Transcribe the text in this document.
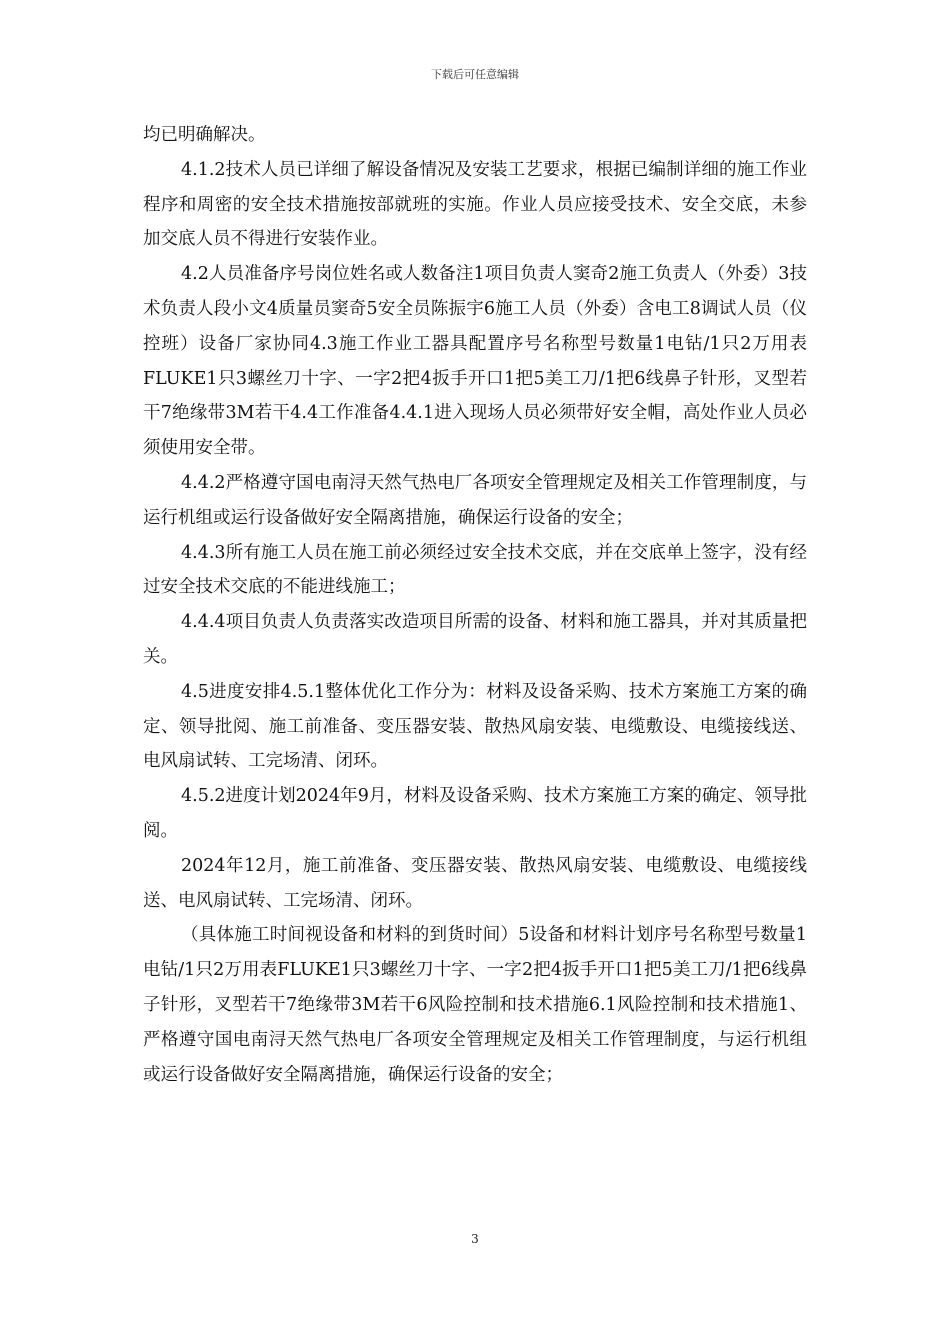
下载后可任意编辑

均已明确解决。

4.1.2技术人员已详细了解设备情况及安装工艺要求，根据已编制详细的施工作业程序和周密的安全技术措施按部就班的实施。作业人员应接受技术、安全交底，未参加交底人员不得进行安装作业。

4.2人员准备序号岗位姓名或人数备注1项目负责人窦奇2施工负责人（外委）3技术负责人段小文4质量员窦奇5安全员陈振宇6施工人员（外委）含电工8调试人员（仪控班）设备厂家协同4.3施工作业工器具配置序号名称型号数量1电钻/1只2万用表FLUKE1只3螺丝刀十字、一字2把4扳手开口1把5美工刀/1把6线鼻子针形，叉型若干7绝缘带3M若干4.4工作准备4.4.1进入现场人员必须带好安全帽，高处作业人员必须使用安全带。

4.4.2严格遵守国电南浔天然气热电厂各项安全管理规定及相关工作管理制度，与运行机组或运行设备做好安全隔离措施，确保运行设备的安全；

4.4.3所有施工人员在施工前必须经过安全技术交底，并在交底单上签字，没有经过安全技术交底的不能进线施工；

4.4.4项目负责人负责落实改造项目所需的设备、材料和施工器具，并对其质量把关。

4.5进度安排4.5.1整体优化工作分为：材料及设备采购、技术方案施工方案的确定、领导批阅、施工前准备、变压器安装、散热风扇安装、电缆敷设、电缆接线送、电风扇试转、工完场清、闭环。

4.5.2进度计划2024年9月，材料及设备采购、技术方案施工方案的确定、领导批阅。

2024年12月，施工前准备、变压器安装、散热风扇安装、电缆敷设、电缆接线送、电风扇试转、工完场清、闭环。

（具体施工时间视设备和材料的到货时间）5设备和材料计划序号名称型号数量1电钻/1只2万用表FLUKE1只3螺丝刀十字、一字2把4扳手开口1把5美工刀/1把6线鼻子针形，叉型若干7绝缘带3M若干6风险控制和技术措施6.1风险控制和技术措施1、严格遵守国电南浔天然气热电厂各项安全管理规定及相关工作管理制度，与运行机组或运行设备做好安全隔离措施，确保运行设备的安全；

3
